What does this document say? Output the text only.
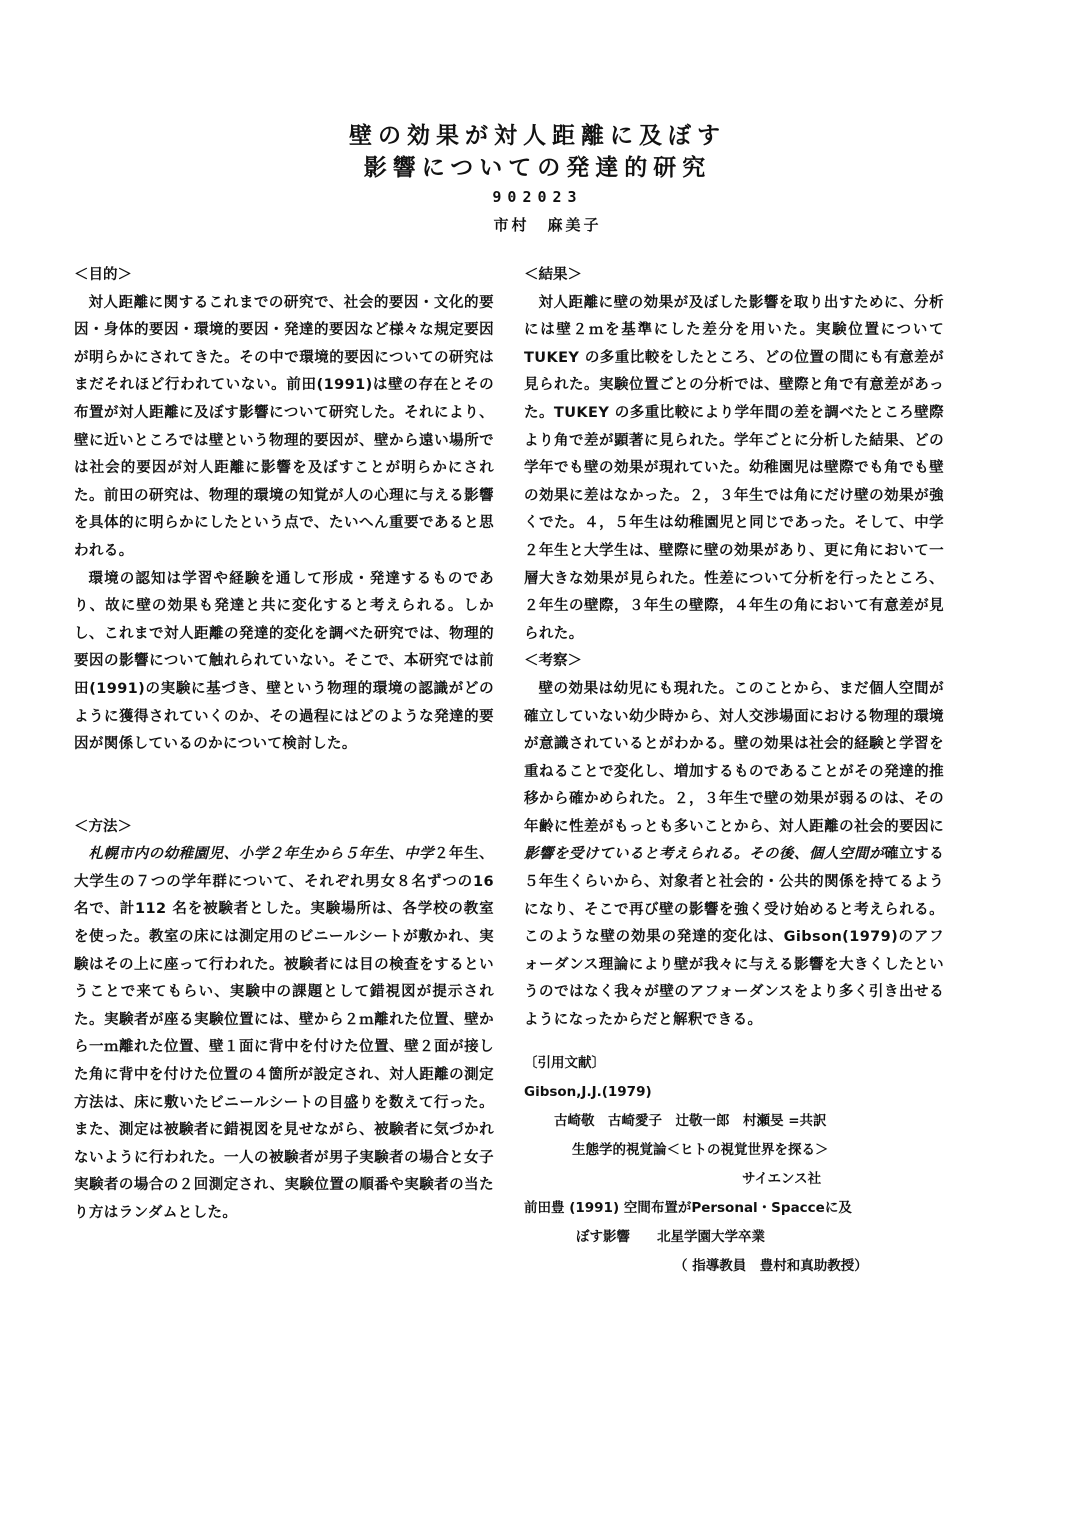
壁の効果が対人距離に及ぼす
影響についての発達的研究
902023
市村　麻美子
＜目的＞

対人距離に関するこれまでの研究で、社会的要因・文化的要因・身体的要因・環境的要因・発達的要因など様々な規定要因が明らかにされてきた。その中で環境的要因についての研究はまだそれほど行われていない。前田(1991)は壁の存在とその布置が対人距離に及ぼす影響について研究した。それにより、壁に近いところでは壁という物理的要因が、壁から遠い場所では社会的要因が対人距離に影響を及ぼすことが明らかにされた。前田の研究は、物理的環境の知覚が人の心理に与える影響を具体的に明らかにしたという点で、たいへん重要であると思われる。

環境の認知は学習や経験を通して形成・発達するものであり、故に壁の効果も発達と共に変化すると考えられる。しかし、これまで対人距離の発達的変化を調べた研究では、物理的要因の影響について触れられていない。そこで、本研究では前田(1991)の実験に基づき、壁という物理的環境の認識がどのように獲得されていくのか、その過程にはどのような発達的要因が関係しているのかについて検討した。

＜方法＞

札幌市内の幼稚園児、小学２年生から５年生、中学２年生、大学生の７つの学年群について、それぞれ男女８名ずつの16名で、計112 名を被験者とした。実験場所は、各学校の教室を使った。教室の床には測定用のビニールシートが敷かれ、実験はその上に座って行われた。被験者には目の検査をするということで来てもらい、実験中の課題として錯視図が提示された。実験者が座る実験位置には、壁から２ｍ離れた位置、壁から一ｍ離れた位置、壁１面に背中を付けた位置、壁２面が接した角に背中を付けた位置の４箇所が設定され、対人距離の測定方法は、床に敷いたビニールシートの目盛りを数えて行った。また、測定は被験者に錯視図を見せながら、被験者に気づかれないように行われた。一人の被験者が男子実験者の場合と女子実験者の場合の２回測定され、実験位置の順番や実験者の当たり方はランダムとした。

＜結果＞

対人距離に壁の効果が及ぼした影響を取り出すために、分析には壁２ｍを基準にした差分を用いた。実験位置についてTUKEY の多重比較をしたところ、どの位置の間にも有意差が見られた。実験位置ごとの分析では、壁際と角で有意差があった。TUKEY の多重比較により学年間の差を調べたところ壁際より角で差が顕著に見られた。学年ごとに分析した結果、どの学年でも壁の効果が現れていた。幼稚園児は壁際でも角でも壁の効果に差はなかった。２，３年生では角にだけ壁の効果が強くでた。４，５年生は幼稚園児と同じであった。そして、中学２年生と大学生は、壁際に壁の効果があり、更に角において一層大きな効果が見られた。性差について分析を行ったところ、２年生の壁際，３年生の壁際，４年生の角において有意差が見られた。

＜考察＞

壁の効果は幼児にも現れた。このことから、まだ個人空間が確立していない幼少時から、対人交渉場面における物理的環境が意識されているとがわかる。壁の効果は社会的経験と学習を重ねることで変化し、増加するものであることがその発達的推移から確かめられた。２，３年生で壁の効果が弱るのは、その年齢に性差がもっとも多いことから、対人距離の社会的要因に影響を受けていると考えられる。その後、個人空間が確立する５年生くらいから、対象者と社会的・公共的関係を持てるようになり、そこで再び壁の影響を強く受け始めると考えられる。このような壁の効果の発達的変化は、Gibson(1979)のアフォーダンス理論により壁が我々に与える影響を大きくしたというのではなく我々が壁のアフォーダンスをより多く引き出せるようになったからだと解釈できる。

〔引用文献〕
Gibson,J.J.(1979)
古崎敬　古崎愛子　辻敬一郎　村瀬旻 =共訳
生態学的視覚論＜ヒトの視覚世界を探る＞
サイエンス社
前田豊 (1991) 空間布置がPersonal・Spacceに及
ぼす影響　　北星学園大学卒業
（ 指導教員　豊村和真助教授）
